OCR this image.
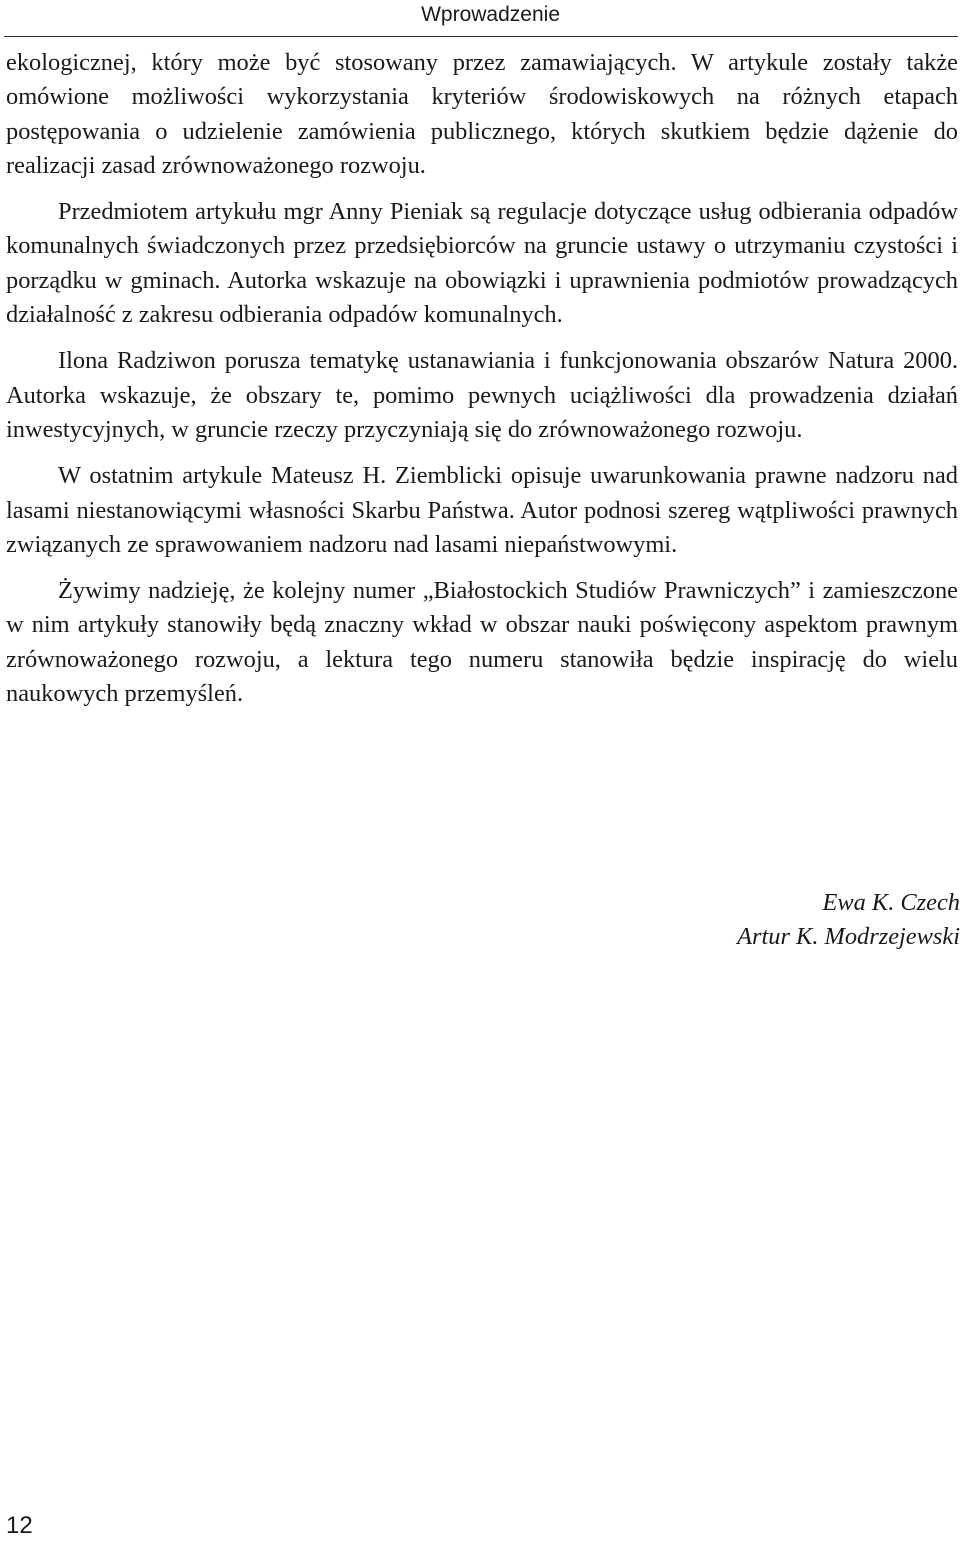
Wprowadzenie

ekologicznej, który może być stosowany przez zamawiających. W artykule zostały także omówione możliwości wykorzystania kryteriów środowiskowych na różnych etapach postępowania o udzielenie zamówienia publicznego, których skutkiem będzie dążenie do realizacji zasad zrównoważonego rozwoju.

Przedmiotem artykułu mgr Anny Pieniak są regulacje dotyczące usług odbierania odpadów komunalnych świadczonych przez przedsiębiorców na gruncie ustawy o utrzymaniu czystości i porządku w gminach. Autorka wskazuje na obowiązki i uprawnienia podmiotów prowadzących działalność z zakresu odbierania odpadów komunalnych.

Ilona Radziwon porusza tematykę ustanawiania i funkcjonowania obszarów Natura 2000. Autorka wskazuje, że obszary te, pomimo pewnych uciążliwości dla prowadzenia działań inwestycyjnych, w gruncie rzeczy przyczyniają się do zrównoważonego rozwoju.

W ostatnim artykule Mateusz H. Ziemblicki opisuje uwarunkowania prawne nadzoru nad lasami niestanowiącymi własności Skarbu Państwa. Autor podnosi szereg wątpliwości prawnych związanych ze sprawowaniem nadzoru nad lasami niepaństwowymi.

Żywimy nadzieję, że kolejny numer „Białostockich Studiów Prawniczych” i zamieszczone w nim artykuły stanowiły będą znaczny wkład w obszar nauki poświęcony aspektom prawnym zrównoważonego rozwoju, a lektura tego numeru stanowiła będzie inspirację do wielu naukowych przemyśleń.

Ewa K. Czech
Artur K. Modrzejewski
12
